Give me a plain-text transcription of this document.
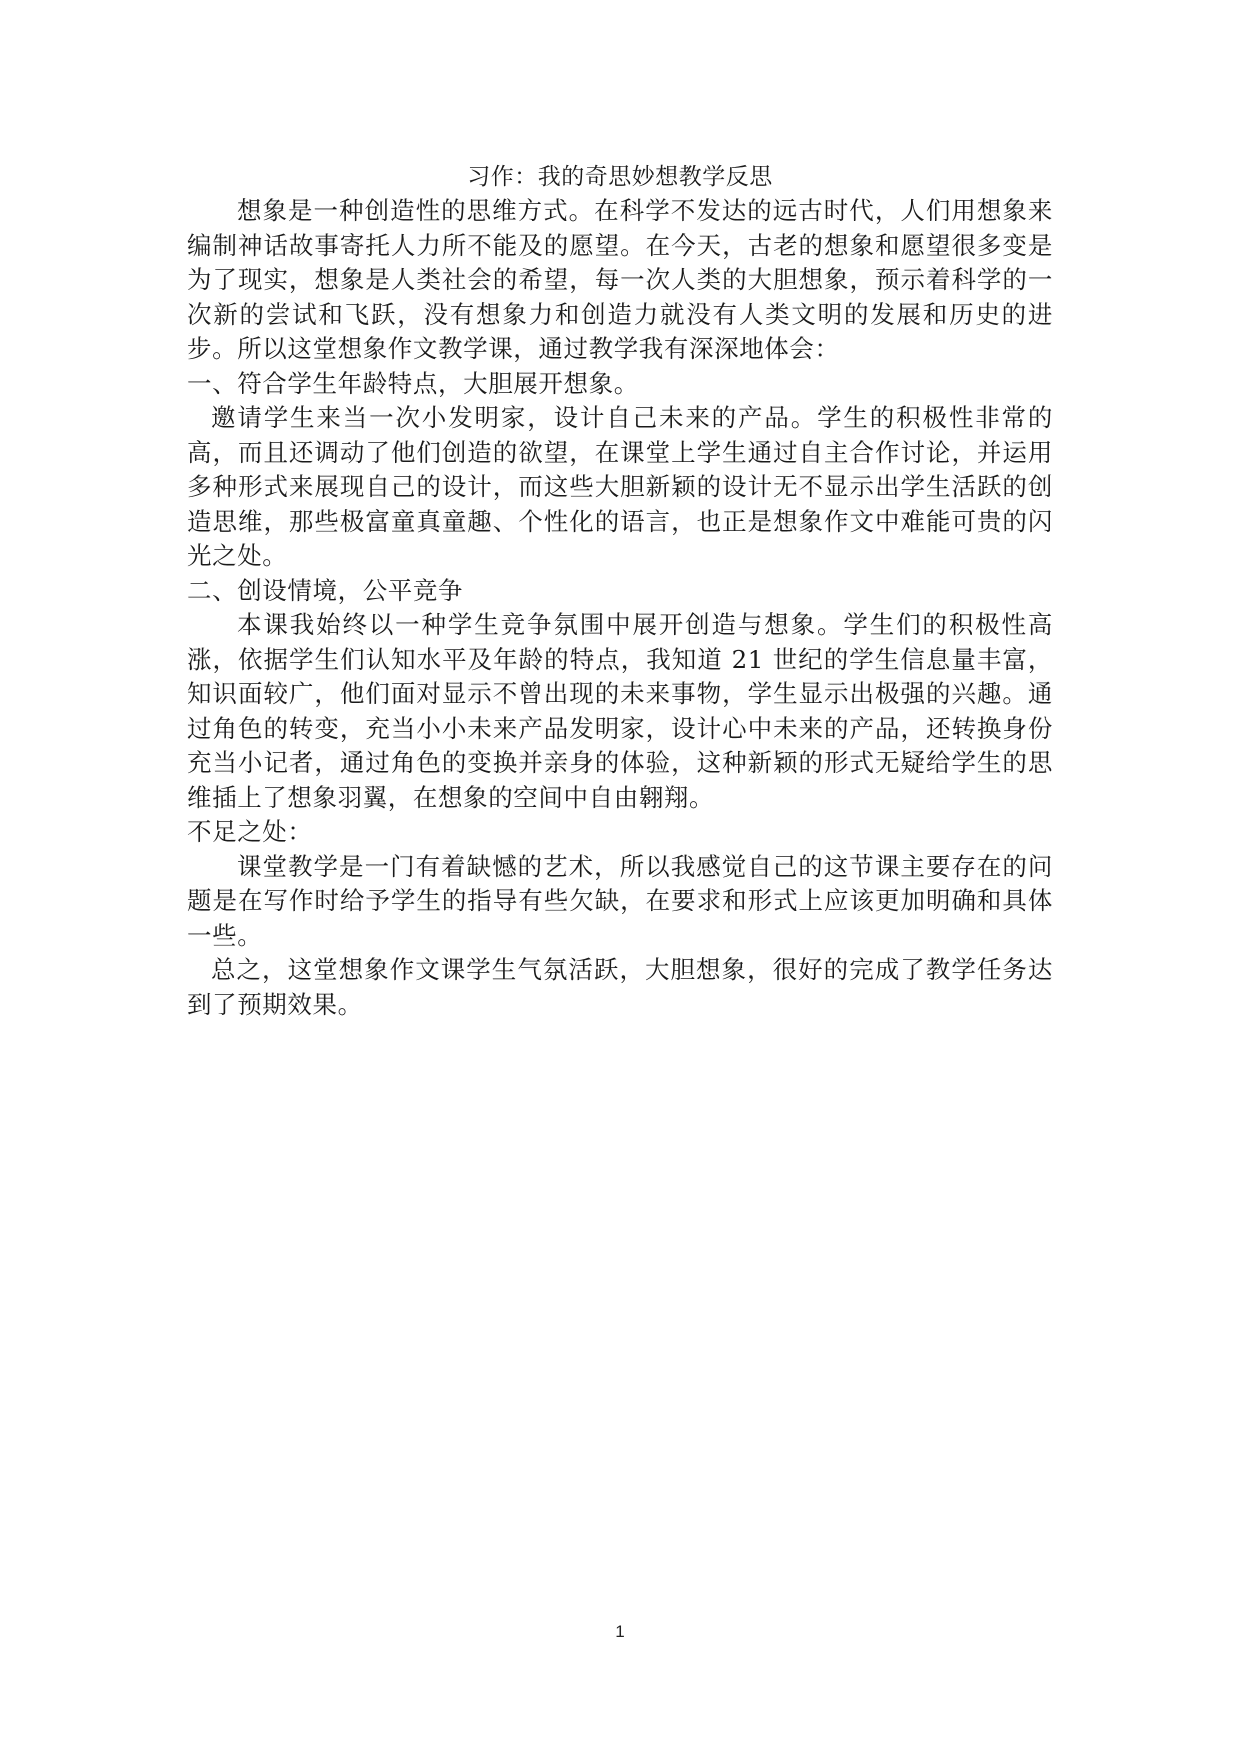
习作：我的奇思妙想教学反思

想象是一种创造性的思维方式。在科学不发达的远古时代，人们用想象来编制神话故事寄托人力所不能及的愿望。在今天，古老的想象和愿望很多变是为了现实，想象是人类社会的希望，每一次人类的大胆想象，预示着科学的一次新的尝试和飞跃，没有想象力和创造力就没有人类文明的发展和历史的进步。所以这堂想象作文教学课，通过教学我有深深地体会：

一、符合学生年龄特点，大胆展开想象。

邀请学生来当一次小发明家，设计自己未来的产品。学生的积极性非常的高，而且还调动了他们创造的欲望，在课堂上学生通过自主合作讨论，并运用多种形式来展现自己的设计，而这些大胆新颖的设计无不显示出学生活跃的创造思维，那些极富童真童趣、个性化的语言，也正是想象作文中难能可贵的闪光之处。

二、创设情境，公平竞争

本课我始终以一种学生竞争氛围中展开创造与想象。学生们的积极性高涨，依据学生们认知水平及年龄的特点，我知道 21 世纪的学生信息量丰富，知识面较广，他们面对显示不曾出现的未来事物，学生显示出极强的兴趣。通过角色的转变，充当小小未来产品发明家，设计心中未来的产品，还转换身份充当小记者，通过角色的变换并亲身的体验，这种新颖的形式无疑给学生的思维插上了想象羽翼，在想象的空间中自由翱翔。

不足之处：

课堂教学是一门有着缺憾的艺术，所以我感觉自己的这节课主要存在的问题是在写作时给予学生的指导有些欠缺，在要求和形式上应该更加明确和具体一些。

总之，这堂想象作文课学生气氛活跃，大胆想象，很好的完成了教学任务达到了预期效果。

1
